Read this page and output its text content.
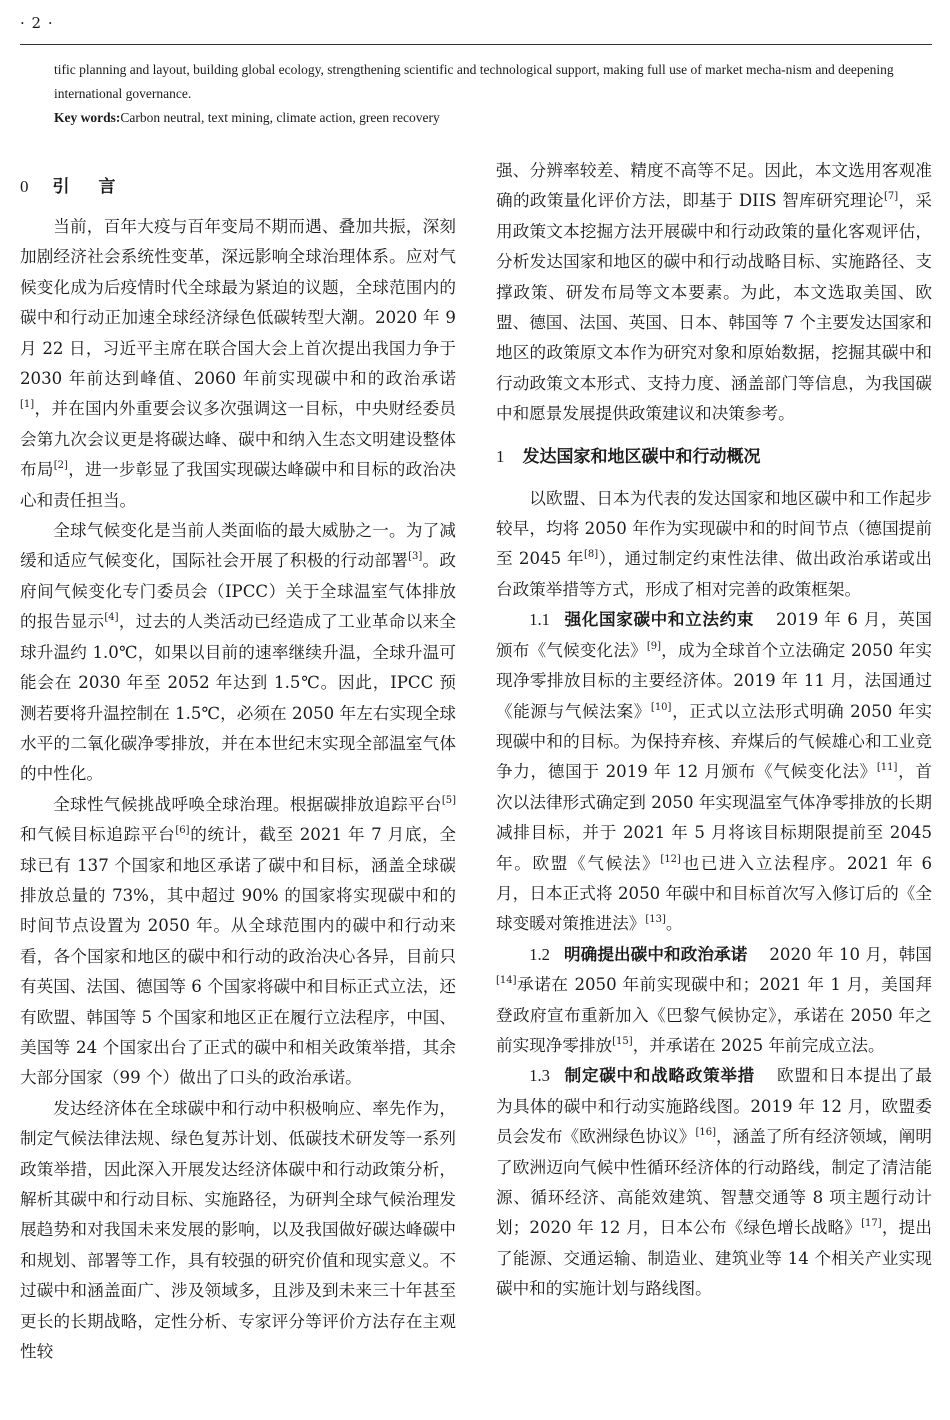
· 2 ·

tific planning and layout, building global ecology, strengthening scientific and technological support, making full use of market mecha-nism and deepening international governance.

Key words:Carbon neutral, text mining, climate action, green recovery

0 引　言

当前，百年大疫与百年变局不期而遇、叠加共振，深刻加剧经济社会系统性变革，深远影响全球治理体系。应对气候变化成为后疫情时代全球最为紧迫的议题，全球范围内的碳中和行动正加速全球经济绿色低碳转型大潮。2020 年 9 月 22 日，习近平主席在联合国大会上首次提出我国力争于 2030 年前达到峰值、2060 年前实现碳中和的政治承诺[1]，并在国内外重要会议多次强调这一目标，中央财经委员会第九次会议更是将碳达峰、碳中和纳入生态文明建设整体布局[2]，进一步彰显了我国实现碳达峰碳中和目标的政治决心和责任担当。

全球气候变化是当前人类面临的最大威胁之一。为了减缓和适应气候变化，国际社会开展了积极的行动部署[3]。政府间气候变化专门委员会（IPCC）关于全球温室气体排放的报告显示[4]，过去的人类活动已经造成了工业革命以来全球升温约 1.0℃，如果以目前的速率继续升温，全球升温可能会在 2030 年至 2052 年达到 1.5℃。因此，IPCC 预测若要将升温控制在 1.5℃，必须在 2050 年左右实现全球水平的二氧化碳净零排放，并在本世纪末实现全部温室气体的中性化。

全球性气候挑战呼唤全球治理。根据碳排放追踪平台[5]和气候目标追踪平台[6]的统计，截至 2021 年 7 月底，全球已有 137 个国家和地区承诺了碳中和目标，涵盖全球碳排放总量的 73%，其中超过 90% 的国家将实现碳中和的时间节点设置为 2050 年。从全球范围内的碳中和行动来看，各个国家和地区的碳中和行动的政治决心各异，目前只有英国、法国、德国等 6 个国家将碳中和目标正式立法，还有欧盟、韩国等 5 个国家和地区正在履行立法程序，中国、美国等 24 个国家出台了正式的碳中和相关政策举措，其余大部分国家（99 个）做出了口头的政治承诺。

发达经济体在全球碳中和行动中积极响应、率先作为，制定气候法律法规、绿色复苏计划、低碳技术研发等一系列政策举措，因此深入开展发达经济体碳中和行动政策分析，解析其碳中和行动目标、实施路径，为研判全球气候治理发展趋势和对我国未来发展的影响，以及我国做好碳达峰碳中和规划、部署等工作，具有较强的研究价值和现实意义。不过碳中和涵盖面广、涉及领域多，且涉及到未来三十年甚至更长的长期战略，定性分析、专家评分等评价方法存在主观性较

强、分辨率较差、精度不高等不足。因此，本文选用客观准确的政策量化评价方法，即基于 DIIS 智库研究理论[7]，采用政策文本挖掘方法开展碳中和行动政策的量化客观评估，分析发达国家和地区的碳中和行动战略目标、实施路径、支撑政策、研发布局等文本要素。为此，本文选取美国、欧盟、德国、法国、英国、日本、韩国等 7 个主要发达国家和地区的政策原文本作为研究对象和原始数据，挖掘其碳中和行动政策文本形式、支持力度、涵盖部门等信息，为我国碳中和愿景发展提供政策建议和决策参考。

1 发达国家和地区碳中和行动概况

以欧盟、日本为代表的发达国家和地区碳中和工作起步较早，均将 2050 年作为实现碳中和的时间节点（德国提前至 2045 年[8]），通过制定约束性法律、做出政治承诺或出台政策举措等方式，形成了相对完善的政策框架。

1.1 强化国家碳中和立法约束 2019 年 6 月，英国颁布《气候变化法》[9]，成为全球首个立法确定 2050 年实现净零排放目标的主要经济体。2019 年 11 月，法国通过《能源与气候法案》[10]，正式以立法形式明确 2050 年实现碳中和的目标。为保持弃核、弃煤后的气候雄心和工业竞争力，德国于 2019 年 12 月颁布《气候变化法》[11]，首次以法律形式确定到 2050 年实现温室气体净零排放的长期减排目标，并于 2021 年 5 月将该目标期限提前至 2045 年。欧盟《气候法》[12]也已进入立法程序。2021 年 6 月，日本正式将 2050 年碳中和目标首次写入修订后的《全球变暖对策推进法》[13]。

1.2 明确提出碳中和政治承诺 2020 年 10 月，韩国[14]承诺在 2050 年前实现碳中和；2021 年 1 月，美国拜登政府宣布重新加入《巴黎气候协定》，承诺在 2050 年之前实现净零排放[15]，并承诺在 2025 年前完成立法。

1.3 制定碳中和战略政策举措 欧盟和日本提出了最为具体的碳中和行动实施路线图。2019 年 12 月，欧盟委员会发布《欧洲绿色协议》[16]，涵盖了所有经济领域，阐明了欧洲迈向气候中性循环经济体的行动路线，制定了清洁能源、循环经济、高能效建筑、智慧交通等 8 项主题行动计划；2020 年 12 月，日本公布《绿色增长战略》[17]，提出了能源、交通运输、制造业、建筑业等 14 个相关产业实现碳中和的实施计划与路线图。
